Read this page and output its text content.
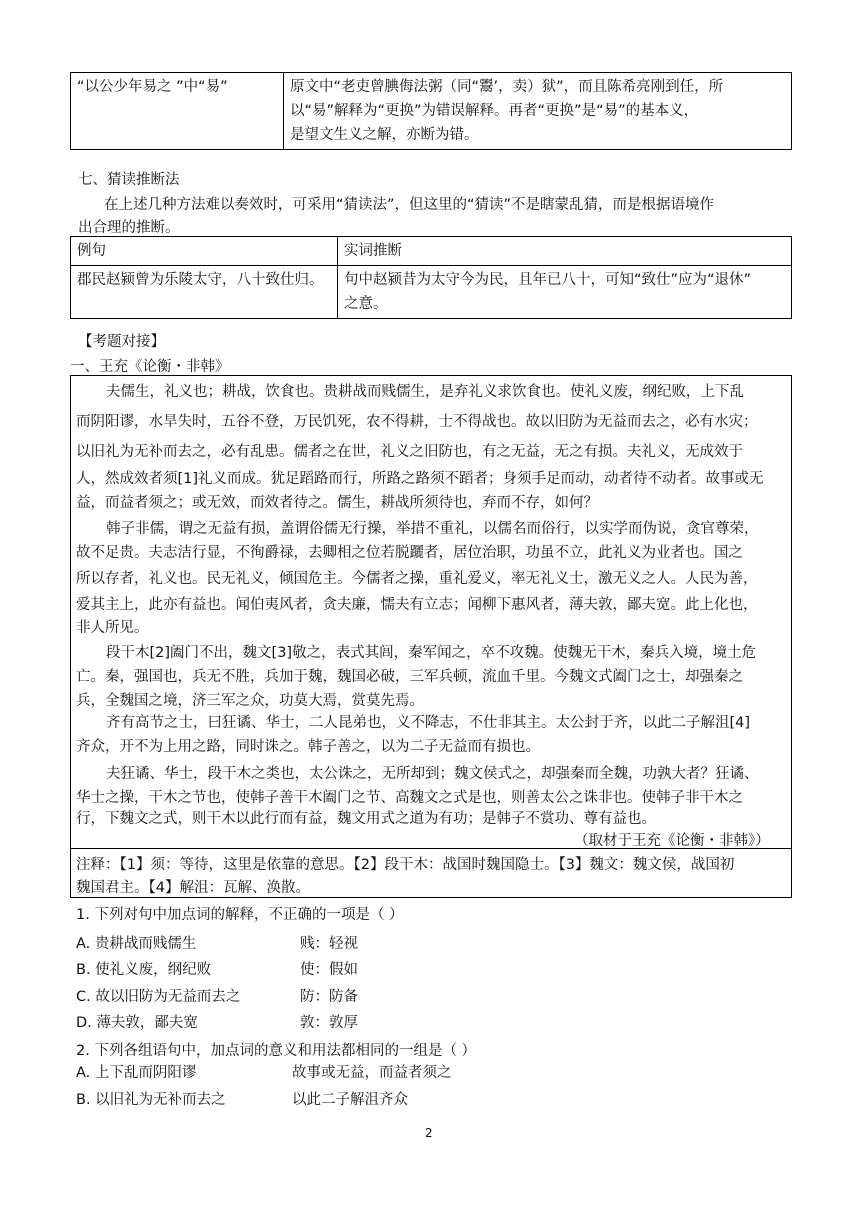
“以公少年易之 ”中“易”	原文中“老吏曾腆侮法粥（同“鬻’，卖）狱”，而且陈希亮刚到任，所
以“易”解释为“更换”为错误解释。再者“更换”是“易”的基本义，
是望文生义之解，亦断为错。
七、猜读推断法
在上述几种方法难以奏效时，可采用“猜读法”，但这里的“猜读”不是瞎蒙乱猜，而是根据语境作
出合理的推断。
例句	实词推断
郡民赵颍曾为乐陵太守，八十致仕归。	句中赵颍昔为太守今为民，且年已八十，可知“致仕”应为“退休”
之意。
【考题对接】
一、王充《论衡・非韩》
夫儒生，礼义也；耕战，饮食也。贵耕战而贱儒生，是弃礼义求饮食也。使礼义废，纲纪败，上下乱
而阴阳谬，水旱失时，五谷不登，万民饥死，农不得耕，士不得战也。故以旧防为无益而去之，必有水灾；
以旧礼为无补而去之，必有乱患。儒者之在世，礼义之旧防也，有之无益，无之有损。夫礼义，无成效于
人，然成效者须[1]礼义而成。犹足蹈路而行，所路之路须不蹈者；身须手足而动，动者待不动者。故事或无
益，而益者须之；或无效，而效者待之。儒生，耕战所须待也，弃而不存，如何？
韩子非儒，谓之无益有损，盖谓俗儒无行操，举措不重礼，以儒名而俗行，以实学而伪说，贪官尊荣，
故不足贵。夫志洁行显，不徇爵禄，去卿相之位若脱躧者，居位治职，功虽不立，此礼义为业者也。国之
所以存者，礼义也。民无礼义，倾国危主。今儒者之操，重礼爱义，率无礼义士，激无义之人。人民为善，
爱其主上，此亦有益也。闻伯夷风者，贪夫廉，懦夫有立志；闻柳下惠风者，薄夫敦，鄙夫宽。此上化也，
非人所见。
段干木[2]阖门不出，魏文[3]敬之，表式其闾，秦军闻之，卒不攻魏。使魏无干木，秦兵入境，境土危
亡。秦，强国也，兵无不胜，兵加于魏，魏国必破，三军兵顿，流血千里。今魏文式阖门之士，却强秦之
兵，全魏国之境，济三军之众，功莫大焉，赏莫先焉。
齐有高节之士，曰狂谲、华士，二人昆弟也，义不降志，不仕非其主。太公封于齐，以此二子解沮[4]
齐众，开不为上用之路，同时诛之。韩子善之，以为二子无益而有损也。
夫狂谲、华士，段干木之类也，太公诛之，无所却到；魏文侯式之，却强秦而全魏，功孰大者？狂谲、
华士之操，干木之节也，使韩子善干木阖门之节、高魏文之式是也，则善太公之诛非也。使韩子非干木之
行，下魏文之式，则干木以此行而有益，魏文用式之道为有功；是韩子不赏功、尊有益也。
（取材于王充《论衡・非韩》）
注释：【1】须：等待，这里是依靠的意思。【2】段干木：战国时魏国隐士。【3】魏文：魏文侯，战国初
魏国君主。【4】解沮：瓦解、涣散。
1. 下列对句中加点词的解释，不正确的一项是（ ）
A. 贵耕战而贱儒生	贱：轻视
B. 使礼义废，纲纪败	使：假如
C. 故以旧防为无益而去之	防：防备
D. 薄夫敦，鄙夫宽	敦：敦厚
2. 下列各组语句中，加点词的意义和用法都相同的一组是（ ）
A. 上下乱而阴阳谬	故事或无益，而益者须之
B. 以旧礼为无补而去之	以此二子解沮齐众
2
